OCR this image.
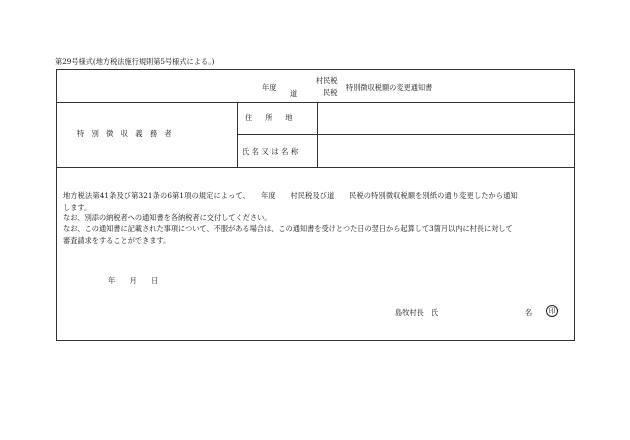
第29号様式(地方税法施行規則第5号様式による。)
年度
道
村民税
民税
特別徴収税額の変更通知書
特別徴収義務者
住所地
氏名又は名称
地方税法第41条及び第321条の6第1項の規定によって、　　年度　　村民税及び道　　民税の特別徴収税額を別紙の通り変更したから通知
します。
なお、別添の納税者への通知書を各納税者に交付してください。
なお、この通知書に記載された事項について、不服がある場合は、この通知書を受けとつた日の翌日から起算して3箇月以内に村長に対して
審査請求をすることができます。
年　　月　　日
島牧村長　氏	名	印
